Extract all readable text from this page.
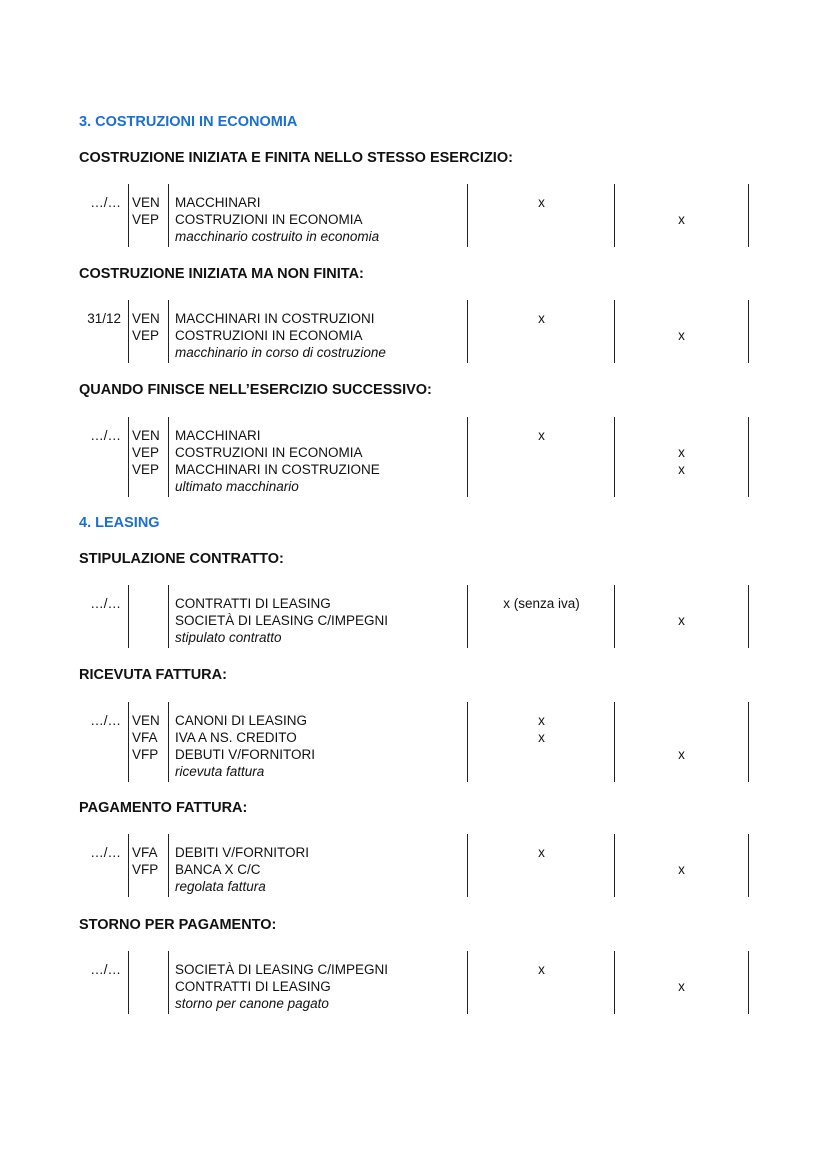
3. COSTRUZIONI IN ECONOMIA
COSTRUZIONE INIZIATA E FINITA NELLO STESSO ESERCIZIO:
…/… VEN
VEP
MACCHINARI
COSTRUZIONI IN ECONOMIA
macchinario costruito in economia
x
x
COSTRUZIONE INIZIATA MA NON FINITA:
31/12 VEN
VEP
MACCHINARI IN COSTRUZIONI
COSTRUZIONI IN ECONOMIA
macchinario in corso di costruzione
x
x
QUANDO FINISCE NELL’ESERCIZIO SUCCESSIVO:
…/… VEN
VEP
VEP
MACCHINARI
COSTRUZIONI IN ECONOMIA
MACCHINARI IN COSTRUZIONE
ultimato macchinario
x
x
x
4. LEASING
STIPULAZIONE CONTRATTO:
…/…	CONTRATTI DI LEASING
SOCIETÀ DI LEASING C/IMPEGNI
stipulato contratto
x (senza iva)
x
RICEVUTA FATTURA:
…/… VEN
VFA
VFP
CANONI DI LEASING
IVA A NS. CREDITO
DEBUTI V/FORNITORI
ricevuta fattura
x
x
x
PAGAMENTO FATTURA:
…/… VFA
VFP
DEBITI V/FORNITORI
BANCA X C/C
regolata fattura
x
x
STORNO PER PAGAMENTO:
…/…	SOCIETÀ DI LEASING C/IMPEGNI
CONTRATTI DI LEASING
storno per canone pagato
x
x
